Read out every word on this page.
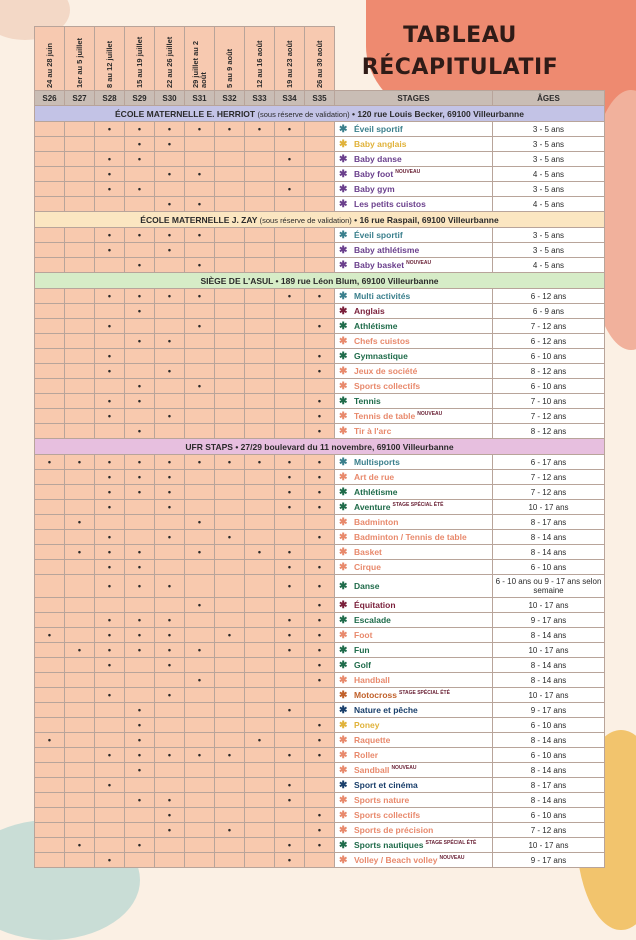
TABLEAU
RÉCAPITULATIF
24 au 28 juin	1er au 5 juillet	8 au 12 juillet	15 au 19 juillet	22 au 26 juillet	29 juillet au 2 août	5 au 9 août	12 au 16 août	19 au 23 août	26 au 30 août		
S26	S27	S28	S29	S30	S31	S32	S33	S34	S35	STAGES	ÂGES
ÉCOLE MATERNELLE E. HERRIOT (sous réserve de validation) • 120 rue Louis Becker, 69100 Villeurbanne											
		•	•	•	•	•	•	•		✱ Éveil sportif	3 - 5 ans
			•	•						✱ Baby anglais	3 - 5 ans
		•	•					•		✱ Baby danse	3 - 5 ans
		•		•	•					✱ Baby foot $^{NOUVEAU}$	4 - 5 ans
		•	•					•		✱ Baby gym	3 - 5 ans
				•	•					✱ Les petits cuistos	4 - 5 ans
ÉCOLE MATERNELLE J. ZAY (sous réserve de validation) • 16 rue Raspail, 69100 Villeurbanne											
		•	•	•	•					✱ Éveil sportif	3 - 5 ans
		•		•						✱ Baby athlétisme	3 - 5 ans
			•		•					✱ Baby basket $^{NOUVEAU}$	4 - 5 ans
SIÈGE DE L'ASUL • 189 rue Léon Blum, 69100 Villeurbanne											
		•	•	•	•			•	•	✱ Multi activités	6 - 12 ans
			•							✱ Anglais	6 - 9 ans
		•			•				•	✱ Athlétisme	7 - 12 ans
			•	•						✱ Chefs cuistos	6 - 12 ans
		•							•	✱ Gymnastique	6 - 10 ans
		•		•					•	✱ Jeux de société	8 - 12 ans
			•		•					✱ Sports collectifs	6 - 10 ans
		•	•						•	✱ Tennis	7 - 10 ans
		•		•					•	✱ Tennis de table $^{NOUVEAU}$	7 - 12 ans
			•						•	✱ Tir à l'arc	8 - 12 ans
UFR STAPS • 27/29 boulevard du 11 novembre, 69100 Villeurbanne											
•	•	•	•	•	•	•	•	•	•	✱ Multisports	6 - 17 ans
		•	•	•				•	•	✱ Art de rue	7 - 12 ans
		•	•	•				•	•	✱ Athlétisme	7 - 12 ans
		•		•				•	•	✱ Aventure $^{STAGE SPÉCIAL ÉTÉ}$	10 - 17 ans
	•				•					✱ Badminton	8 - 17 ans
		•		•		•			•	✱ Badminton / Tennis de table	8 - 14 ans
	•	•	•		•		•	•		✱ Basket	8 - 14 ans
		•	•					•	•	✱ Cirque	6 - 10 ans
		•	•	•				•	•	✱ Danse	6 - 10 ans ou 9 - 17 ans selon semaine
					•				•	✱ Équitation	10 - 17 ans
		•	•	•				•	•	✱ Escalade	9 - 17 ans
•		•	•	•		•		•	•	✱ Foot	8 - 14 ans
	•	•	•	•	•			•	•	✱ Fun	10 - 17 ans
		•		•					•	✱ Golf	8 - 14 ans
					•				•	✱ Handball	8 - 14 ans
		•		•						✱ Motocross $^{STAGE SPÉCIAL ÉTÉ}$	10 - 17 ans
			•					•		✱ Nature et pêche	9 - 17 ans
			•						•	✱ Poney	6 - 10 ans
•			•				•		•	✱ Raquette	8 - 14 ans
		•	•	•	•	•		•	•	✱ Roller	6 - 10 ans
			•							✱ Sandball $^{NOUVEAU}$	8 - 14 ans
		•						•		✱ Sport et cinéma	8 - 17 ans
			•	•				•		✱ Sports nature	8 - 14 ans
				•					•	✱ Sports collectifs	6 - 10 ans
				•		•			•	✱ Sports de précision	7 - 12 ans
	•		•					•	•	✱ Sports nautiques $^{STAGE SPÉCIAL ÉTÉ}$	10 - 17 ans
		•						•		✱ Volley / Beach volley $^{NOUVEAU}$	9 - 17 ans
